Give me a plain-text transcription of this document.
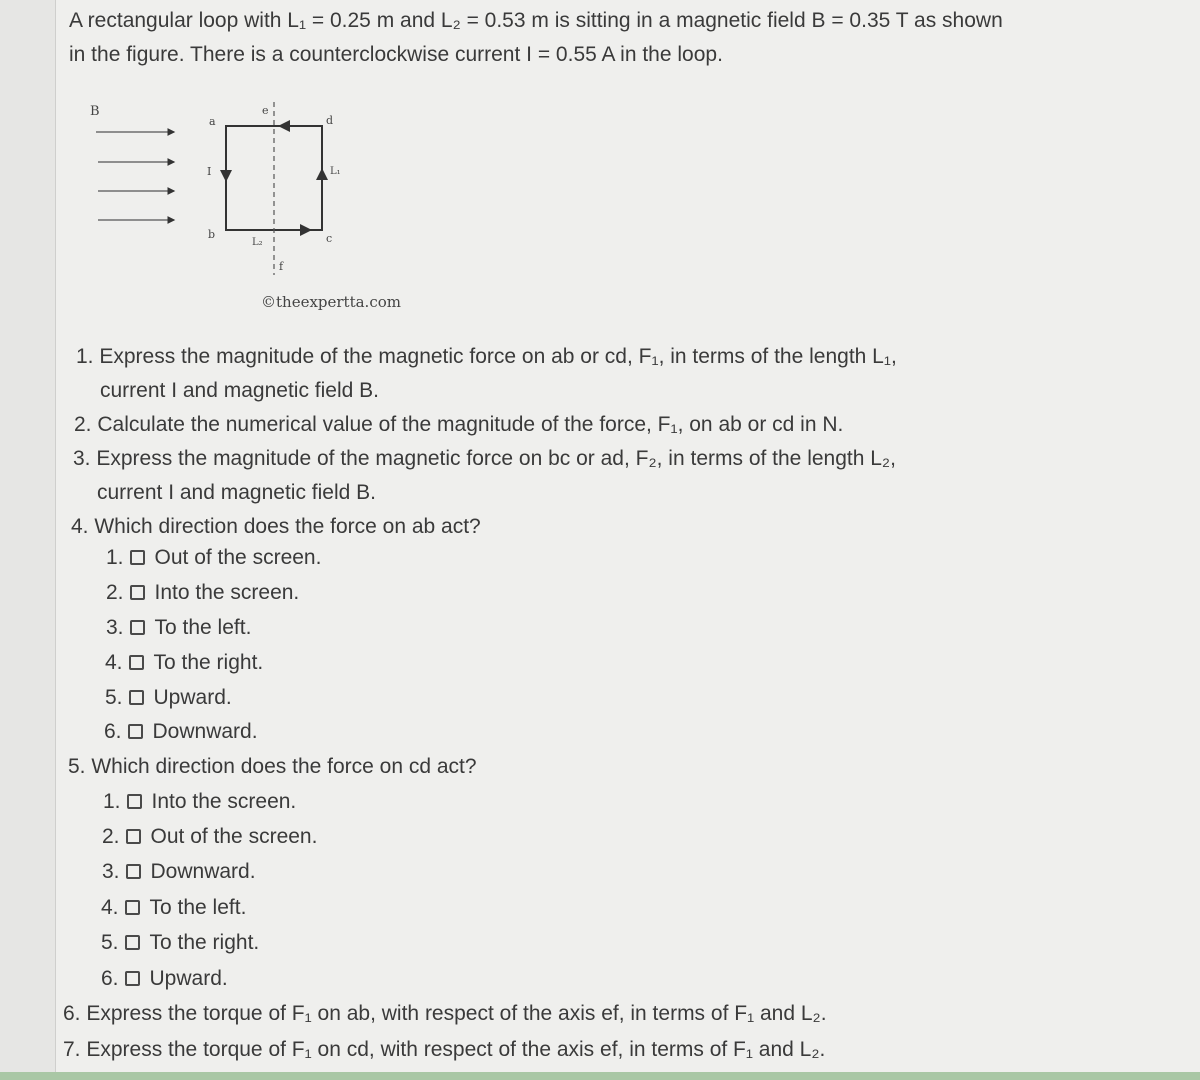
A rectangular loop with L₁ = 0.25 m and L₂ = 0.53 m is sitting in a magnetic field B = 0.35 T as shown
in the figure. There is a counterclockwise current I = 0.55 A in the loop.
B
a
e
d
I	L₁
b
L₂	c
f
©theexpertta.com
1. Express the magnitude of the magnetic force on ab or cd, F₁, in terms of the length L₁,
current I and magnetic field B.
2. Calculate the numerical value of the magnitude of the force, F₁, on ab or cd in N.
3. Express the magnitude of the magnetic force on bc or ad, F₂, in terms of the length L₂,
current I and magnetic field B.
4. Which direction does the force on ab act?
1. Out of the screen.
2. Into the screen.
3. To the left.
4. To the right.
5. Upward.
6. Downward.
5. Which direction does the force on cd act?
1. Into the screen.
2. Out of the screen.
3. Downward.
4. To the left.
5. To the right.
6. Upward.
6. Express the torque of F₁ on ab, with respect of the axis ef, in terms of F₁ and L₂.
7. Express the torque of F₁ on cd, with respect of the axis ef, in terms of F₁ and L₂.
